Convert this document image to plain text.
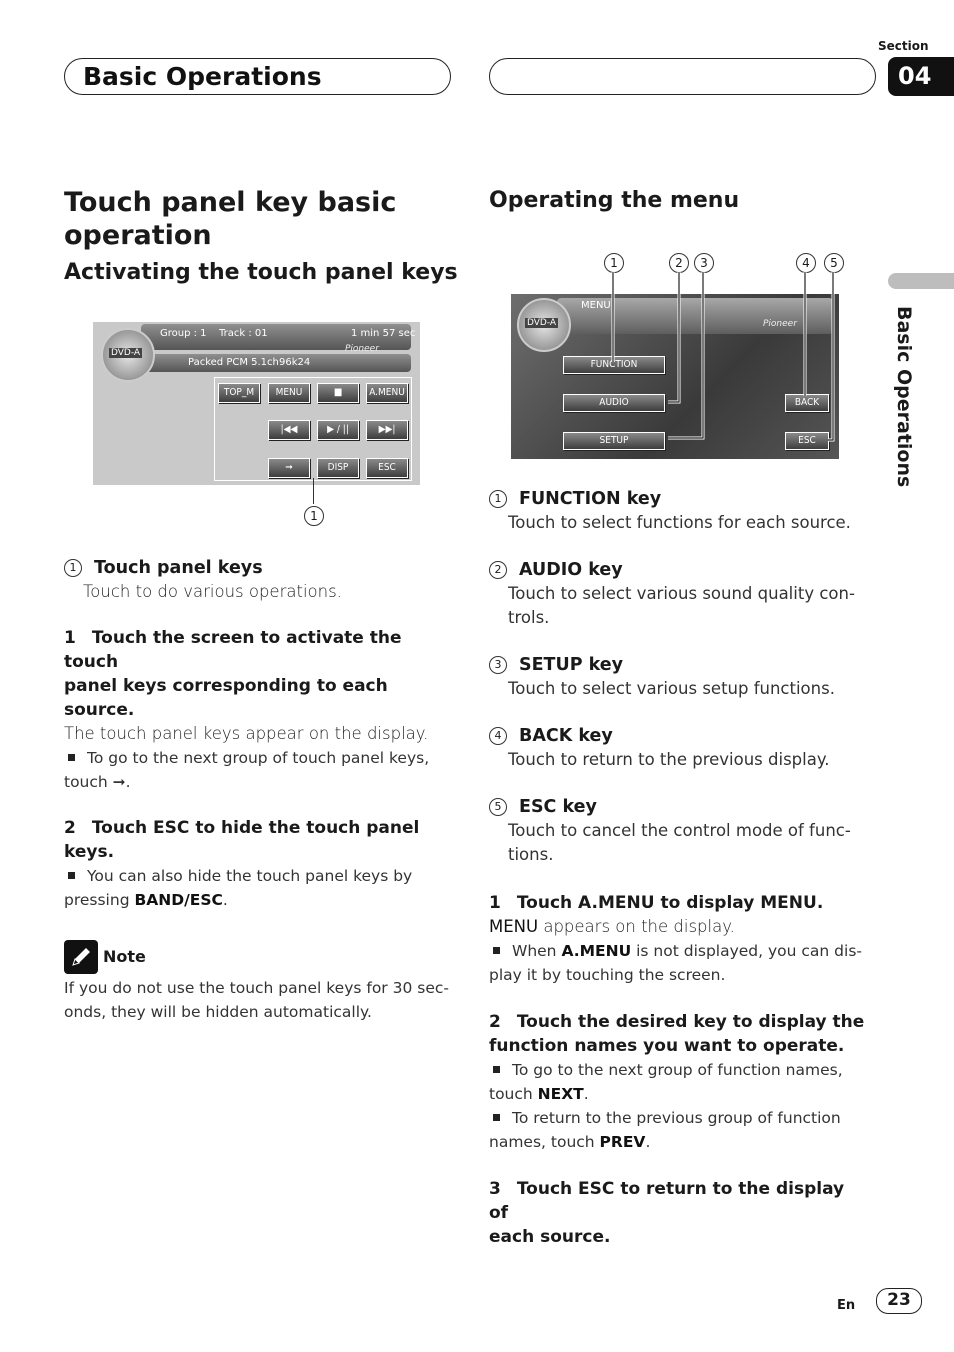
Basic Operations
Section
04
Basic Operations
Touch panel key basic operation
Activating the touch panel keys
DVD-A
Group : 1 Track : 01	1 min 57 sec
Pioneer
Packed PCM 5.1ch 96k24
TOP_M	MENU	■	A.MENU
|◀◀	▶ / ||	▶▶|
➞	DISP	ESC
1
1 Touch panel keys
Touch to do various operations.
1 Touch the screen to activate the touch
panel keys corresponding to each source.
The touch panel keys appear on the display.
To go to the next group of touch panel keys,
touch ➞.
2 Touch ESC to hide the touch panel keys.
You can also hide the touch panel keys by
pressing BAND/ESC.
Note
If you do not use the touch panel keys for 30 sec-
onds, they will be hidden automatically.
Operating the menu
1	2	3	4	5
DVD-A
MENU
Pioneer
FUNCTION
AUDIO
SETUP
BACK
ESC
1 FUNCTION key
Touch to select functions for each source.
2 AUDIO key
Touch to select various sound quality con-
trols.
3 SETUP key
Touch to select various setup functions.
4 BACK key
Touch to return to the previous display.
5 ESC key
Touch to cancel the control mode of func-
tions.
1 Touch A.MENU to display MENU.
MENU appears on the display.
When A.MENU is not displayed, you can dis-
play it by touching the screen.
2 Touch the desired key to display the
function names you want to operate.
To go to the next group of function names,
touch NEXT.
To return to the previous group of function
names, touch PREV.
3 Touch ESC to return to the display of
each source.
En	23
